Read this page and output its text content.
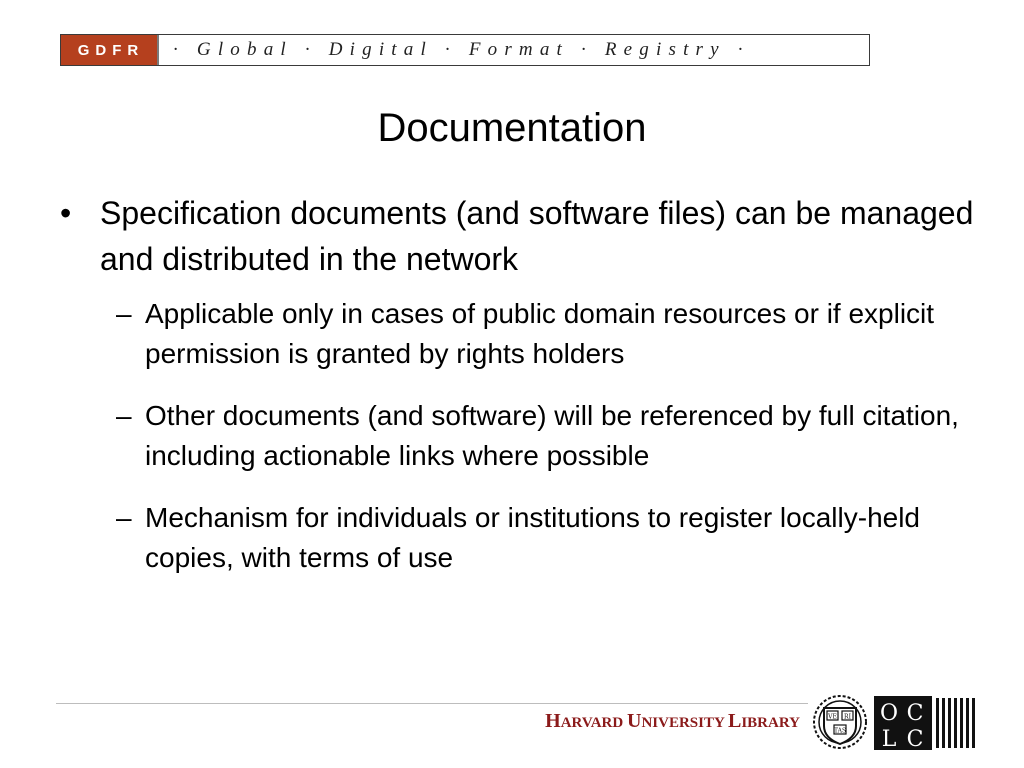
GDFR	· Global · Digital · Format · Registry ·
Documentation
• Specification documents (and software files) can be managed and distributed in the network
– Applicable only in cases of public domain resources or if explicit permission is granted by rights holders
– Other documents (and software) will be referenced by full citation, including actionable links where possible
– Mechanism for individuals or institutions to register locally-held copies, with terms of use
HARVARD UNIVERSITY LIBRARY	VE RI
TAS
O C
L C
